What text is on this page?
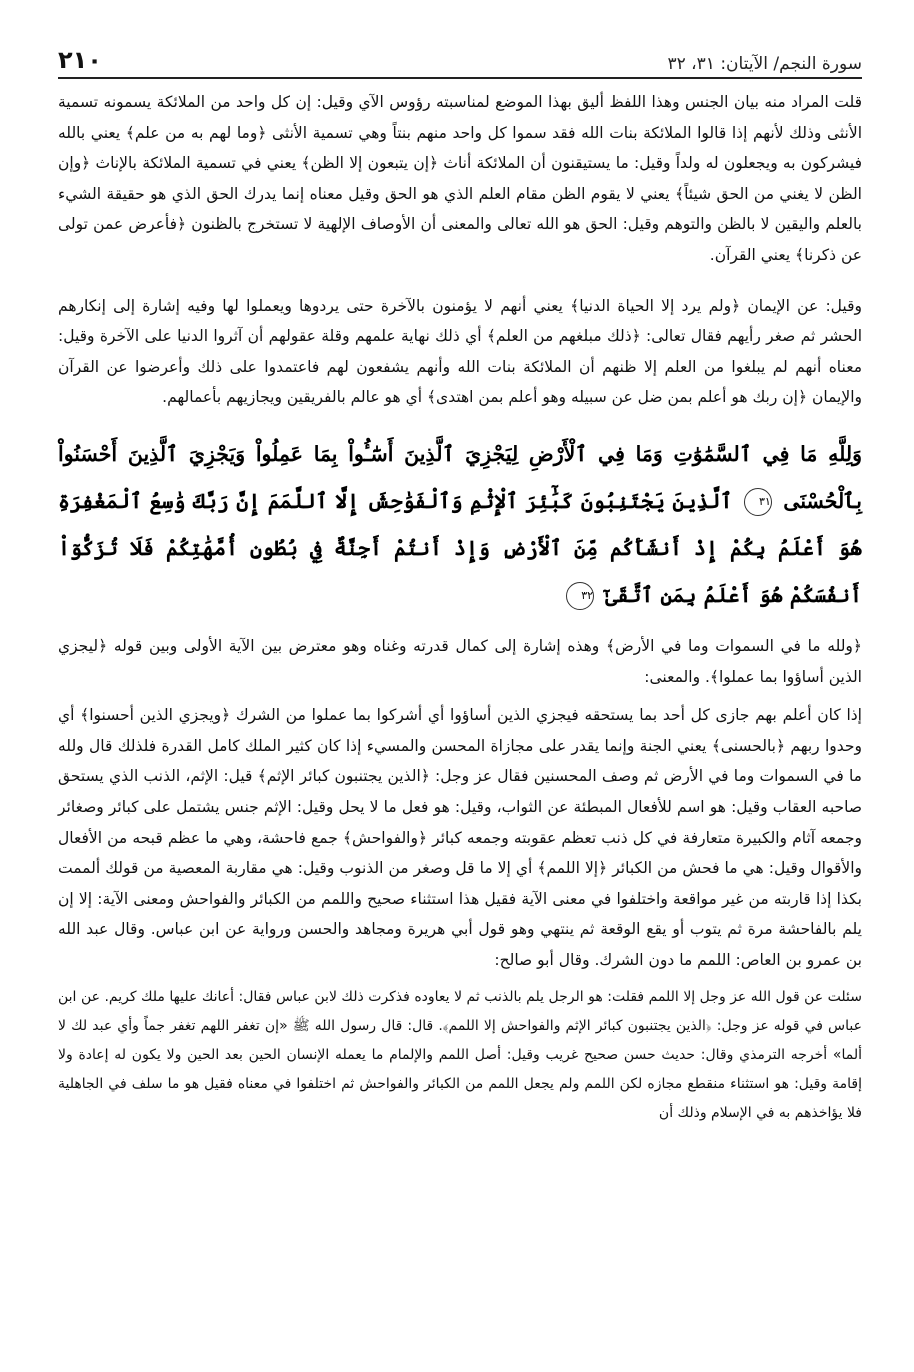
سورة النجم/ الآيتان: ٣١، ٣٢
٢١٠

قلت المراد منه بيان الجنس وهذا اللفظ أليق بهذا الموضع لمناسبته رؤوس الآي وقيل: إن كل واحد من الملائكة يسمونه تسمية الأنثى وذلك لأنهم إذا قالوا الملائكة بنات الله فقد سموا كل واحد منهم بنتاً وهي تسمية الأنثى ﴿وما لهم به من علم﴾ يعني بالله فيشركون به ويجعلون له ولداً وقيل: ما يستيقنون أن الملائكة أناث ﴿إن يتبعون إلا الظن﴾ يعني في تسمية الملائكة بالإناث ﴿وإن الظن لا يغني من الحق شيئاً﴾ يعني لا يقوم الظن مقام العلم الذي هو الحق وقيل معناه إنما يدرك الحق الذي هو حقيقة الشيء بالعلم واليقين لا بالظن والتوهم وقيل: الحق هو الله تعالى والمعنى أن الأوصاف الإلهية لا تستخرج بالظنون ﴿فأعرض عمن تولى عن ذكرنا﴾ يعني القرآن.

وقيل: عن الإيمان ﴿ولم يرد إلا الحياة الدنيا﴾ يعني أنهم لا يؤمنون بالآخرة حتى يردوها ويعملوا لها وفيه إشارة إلى إنكارهم الحشر ثم صغر رأيهم فقال تعالى: ﴿ذلك مبلغهم من العلم﴾ أي ذلك نهاية علمهم وقلة عقولهم أن آثروا الدنيا على الآخرة وقيل: معناه أنهم لم يبلغوا من العلم إلا ظنهم أن الملائكة بنات الله وأنهم يشفعون لهم فاعتمدوا على ذلك وأعرضوا عن القرآن والإيمان ﴿إن ربك هو أعلم بمن ضل عن سبيله وهو أعلم بمن اهتدى﴾ أي هو عالم بالفريقين ويجازيهم بأعمالهم.

وَلِلَّهِ مَا فِي ٱلسَّمَٰوَٰتِ وَمَا فِي ٱلْأَرْضِ لِيَجْزِيَ ٱلَّذِينَ أَسَٰٓـُٔواْ بِمَا عَمِلُواْ وَيَجْزِيَ ٱلَّذِينَ أَحْسَنُواْ بِٱلْحُسْنَى ٣١ ٱلَّذِينَ يَجْتَنِبُونَ كَبَٰٓئِرَ ٱلْإِثْمِ وَٱلْفَوَٰحِشَ إِلَّا ٱللَّمَمَ إِنَّ رَبَّكَ وَٰسِعُ ٱلْمَغْفِرَةِ هُوَ أَعْلَمُ بِكُمْ إِذْ أَنشَأَكُم مِّنَ ٱلْأَرْضِ وَإِذْ أَنتُمْ أَجِنَّةٌ فِي بُطُونِ أُمَّهَٰتِكُمْ فَلَا تُزَكُّوٓاْ أَنفُسَكُمْ هُوَ أَعْلَمُ بِمَنِ ٱتَّقَىٰٓ ٣٢

﴿ولله ما في السموات وما في الأرض﴾ وهذه إشارة إلى كمال قدرته وغناه وهو معترض بين الآية الأولى وبين قوله ﴿ليجزي الذين أساؤوا بما عملوا﴾. والمعنى:

إذا كان أعلم بهم جازى كل أحد بما يستحقه فيجزي الذين أساؤوا أي أشركوا بما عملوا من الشرك ﴿ويجزي الذين أحسنوا﴾ أي وحدوا ربهم ﴿بالحسنى﴾ يعني الجنة وإنما يقدر على مجازاة المحسن والمسيء إذا كان كثير الملك كامل القدرة فلذلك قال ولله ما في السموات وما في الأرض ثم وصف المحسنين فقال عز وجل: ﴿الذين يجتنبون كبائر الإثم﴾ قيل: الإثم، الذنب الذي يستحق صاحبه العقاب وقيل: هو اسم للأفعال المبطئة عن الثواب، وقيل: هو فعل ما لا يحل وقيل: الإثم جنس يشتمل على كبائر وصغائر وجمعه آثام والكبيرة متعارفة في كل ذنب تعظم عقوبته وجمعه كبائر ﴿والفواحش﴾ جمع فاحشة، وهي ما عظم قبحه من الأفعال والأقوال وقيل: هي ما فحش من الكبائر ﴿إلا اللمم﴾ أي إلا ما قل وصغر من الذنوب وقيل: هي مقاربة المعصية من قولك ألممت بكذا إذا قاربته من غير مواقعة واختلفوا في معنى الآية فقيل هذا استثناء صحيح واللمم من الكبائر والفواحش ومعنى الآية: إلا إن يلم بالفاحشة مرة ثم يتوب أو يقع الوقعة ثم ينتهي وهو قول أبي هريرة ومجاهد والحسن ورواية عن ابن عباس. وقال عبد الله بن عمرو بن العاص: اللمم ما دون الشرك. وقال أبو صالح:

سئلت عن قول الله عز وجل إلا اللمم فقلت: هو الرجل يلم بالذنب ثم لا يعاوده فذكرت ذلك لابن عباس فقال: أعانك عليها ملك كريم. عن ابن عباس في قوله عز وجل: ﴿الذين يجتنبون كبائر الإثم والفواحش إلا اللمم﴾. قال: قال رسول الله ﷺ «إن تغفر اللهم تغفر جماً وأي عبد لك لا ألما» أخرجه الترمذي وقال: حديث حسن صحيح غريب وقيل: أصل اللمم والإلمام ما يعمله الإنسان الحين بعد الحين ولا يكون له إعادة ولا إقامة وقيل: هو استثناء منقطع مجازه لكن اللمم ولم يجعل اللمم من الكبائر والفواحش ثم اختلفوا في معناه فقيل هو ما سلف في الجاهلية فلا يؤاخذهم به في الإسلام وذلك أن
